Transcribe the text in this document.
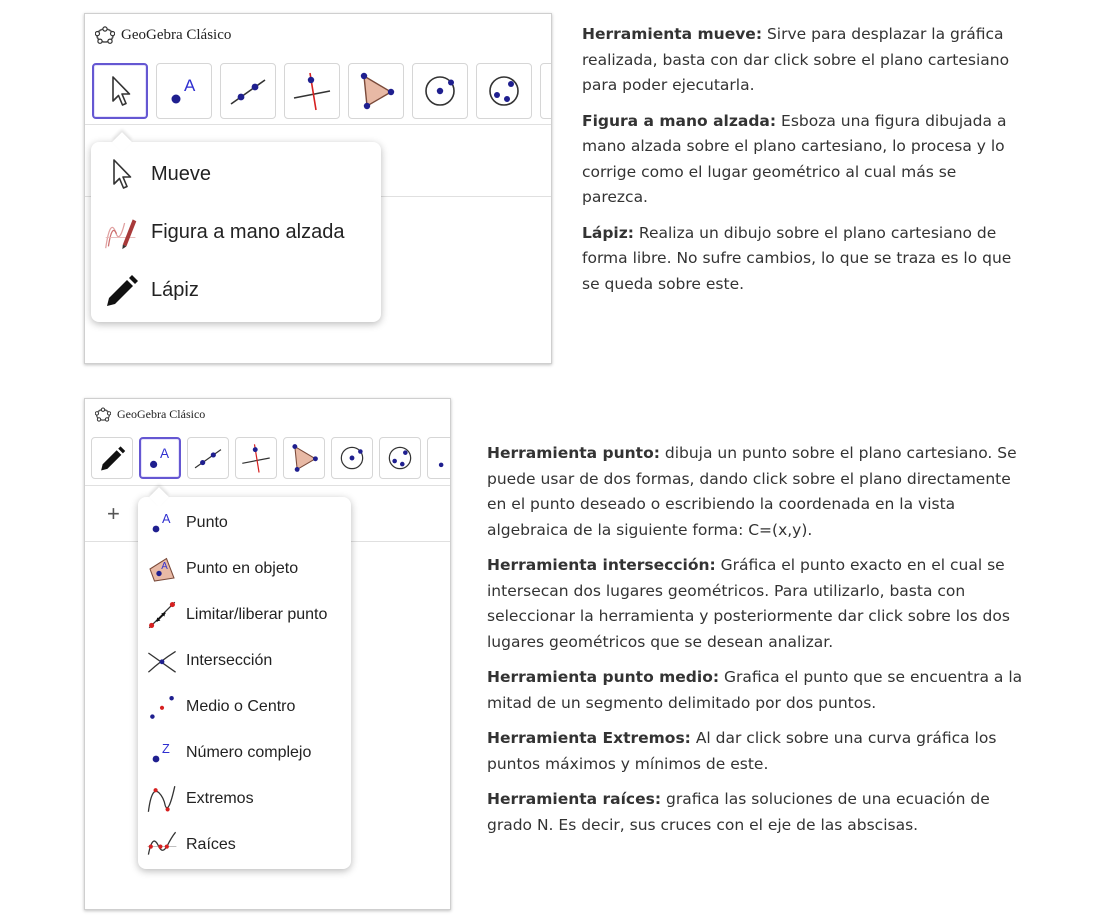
GeoGebra Clásico
A
Mueve
Figura a mano alzada
Lápiz

Herramienta mueve: Sirve para desplazar la gráfica realizada, basta con dar click sobre el plano cartesiano para poder ejecutarla.

Figura a mano alzada: Esboza una figura dibujada a mano alzada sobre el plano cartesiano, lo procesa y lo corrige como el lugar geométrico al cual más se parezca.

Lápiz: Realiza un dibujo sobre el plano cartesiano de forma libre. No sufre cambios, lo que se traza es lo que se queda sobre este.

GeoGebra Clásico
A
+ A Punto
A Punto en objeto
Limitar/liberar punto
Intersección
Medio o Centro
Z Número complejo
Extremos
Raíces

Herramienta punto: dibuja un punto sobre el plano cartesiano. Se puede usar de dos formas, dando click sobre el plano directamente en el punto deseado o escribiendo la coordenada en la vista algebraica de la siguiente forma: C=(x,y).

Herramienta intersección: Gráfica el punto exacto en el cual se intersecan dos lugares geométricos. Para utilizarlo, basta con seleccionar la herramienta y posteriormente dar click sobre los dos lugares geométricos que se desean analizar.

Herramienta punto medio: Grafica el punto que se encuentra a la mitad de un segmento delimitado por dos puntos.

Herramienta Extremos: Al dar click sobre una curva gráfica los puntos máximos y mínimos de este.

Herramienta raíces: grafica las soluciones de una ecuación de grado N. Es decir, sus cruces con el eje de las abscisas.
